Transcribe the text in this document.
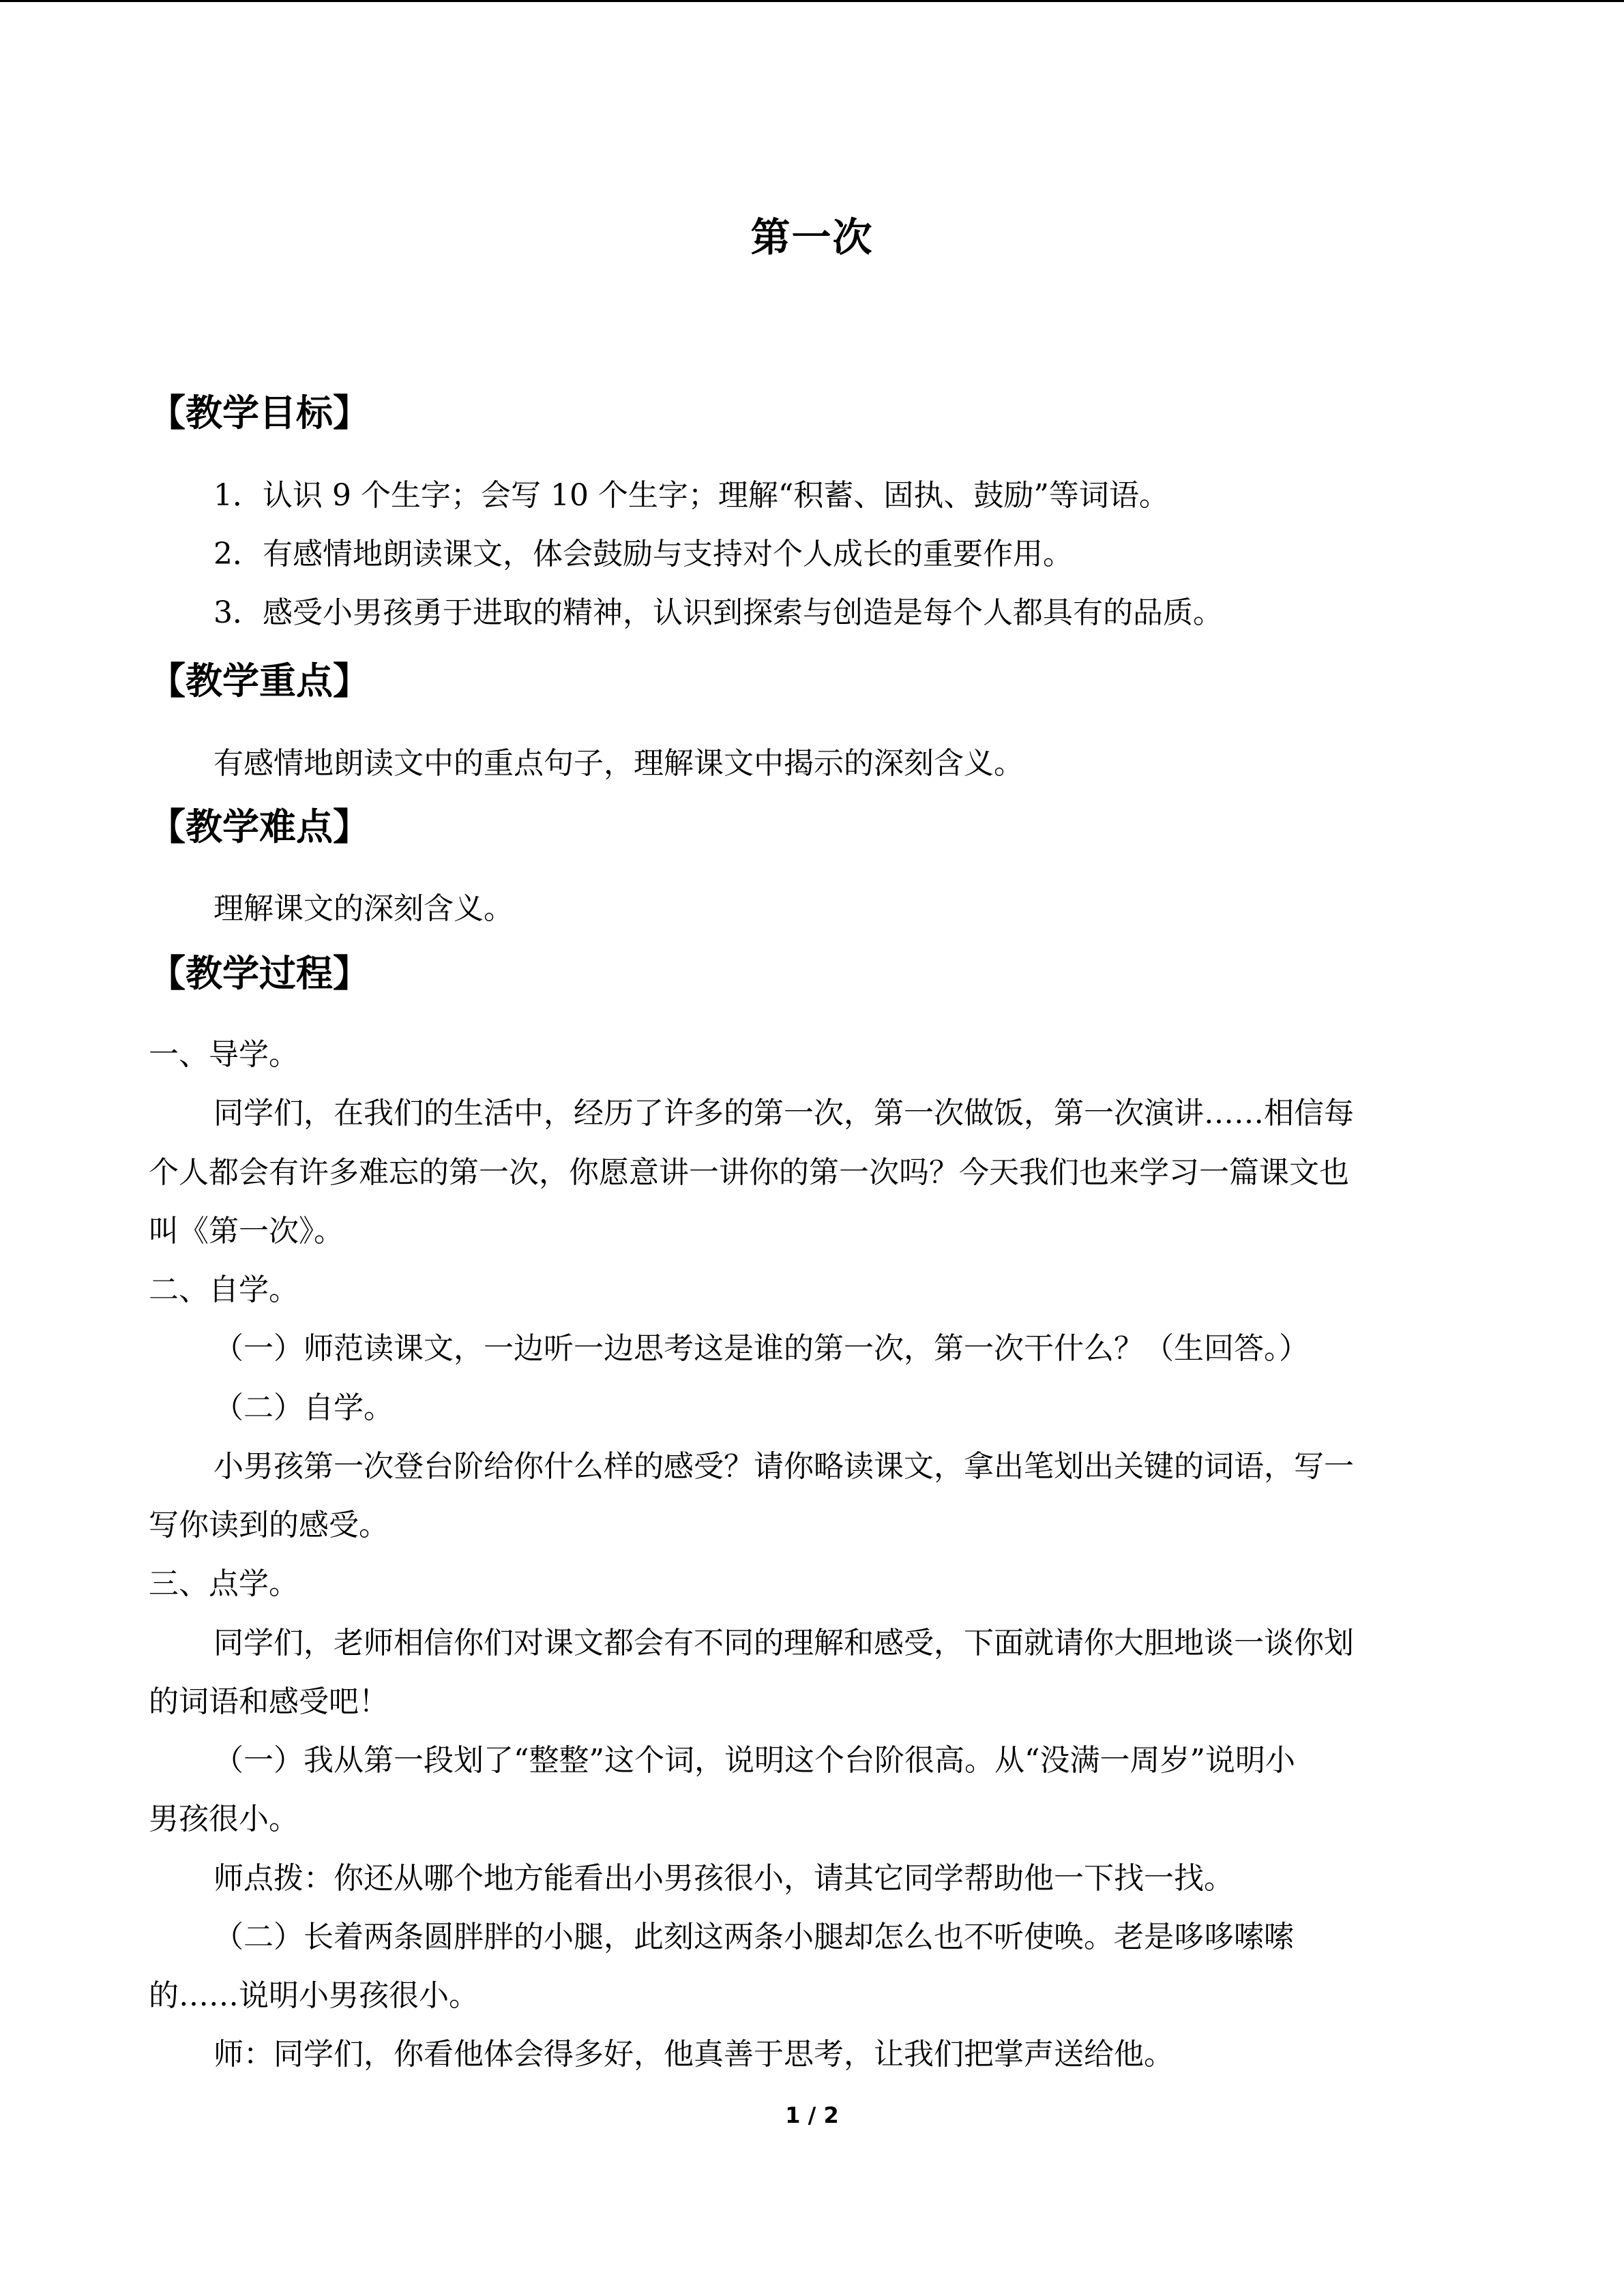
第一次
【教学目标】
1．认识 9 个生字；会写 10 个生字；理解“积蓄、固执、鼓励”等词语。
2．有感情地朗读课文，体会鼓励与支持对个人成长的重要作用。
3．感受小男孩勇于进取的精神，认识到探索与创造是每个人都具有的品质。
【教学重点】
有感情地朗读文中的重点句子，理解课文中揭示的深刻含义。
【教学难点】
理解课文的深刻含义。
【教学过程】
一、导学。
同学们，在我们的生活中，经历了许多的第一次，第一次做饭，第一次演讲……相信每
个人都会有许多难忘的第一次，你愿意讲一讲你的第一次吗？今天我们也来学习一篇课文也
叫《第一次》。
二、自学。
（一）师范读课文，一边听一边思考这是谁的第一次，第一次干什么？（生回答。）
（二）自学。
小男孩第一次登台阶给你什么样的感受？请你略读课文，拿出笔划出关键的词语，写一
写你读到的感受。
三、点学。
同学们，老师相信你们对课文都会有不同的理解和感受，下面就请你大胆地谈一谈你划
的词语和感受吧！
（一）我从第一段划了“整整”这个词，说明这个台阶很高。从“没满一周岁”说明小
男孩很小。
师点拨：你还从哪个地方能看出小男孩很小，请其它同学帮助他一下找一找。
（二）长着两条圆胖胖的小腿，此刻这两条小腿却怎么也不听使唤。老是哆哆嗦嗦
的……说明小男孩很小。
师：同学们，你看他体会得多好，他真善于思考，让我们把掌声送给他。
1 / 2
